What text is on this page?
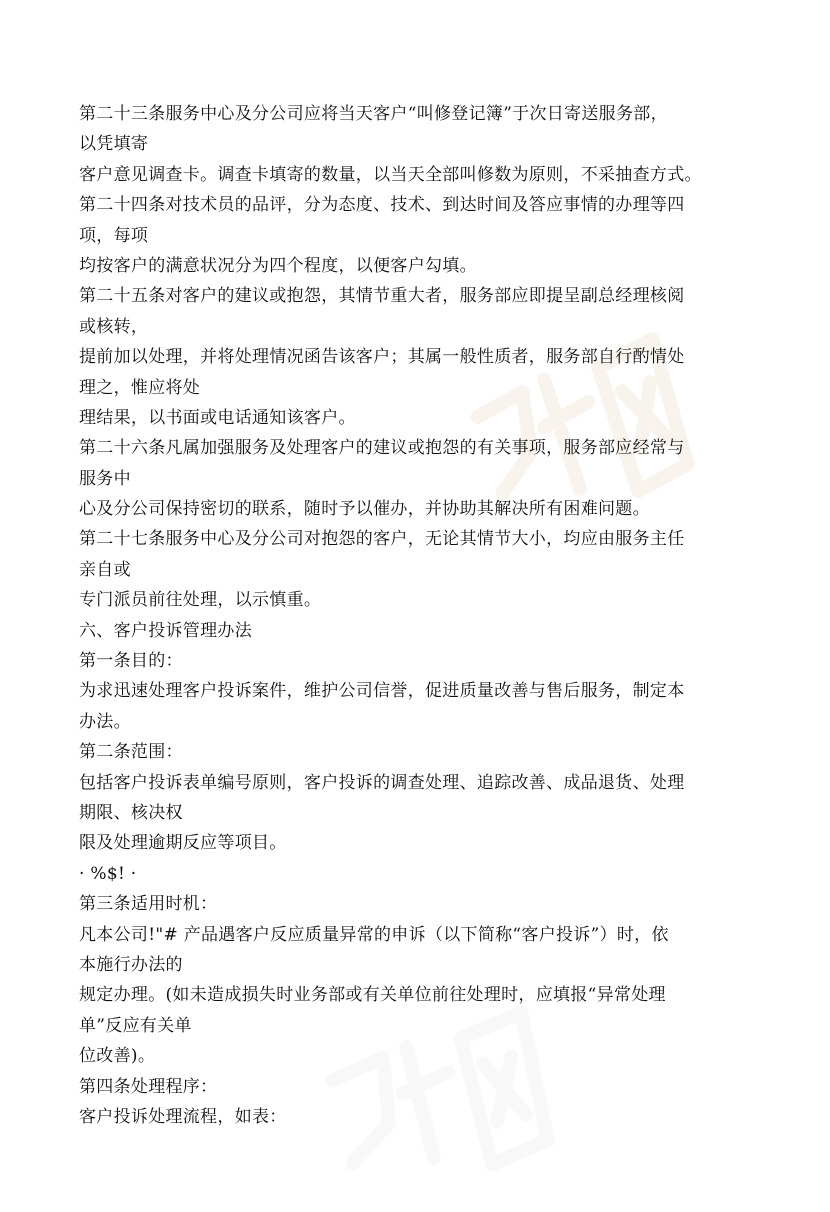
第二十三条服务中心及分公司应将当天客户“叫修登记簿”于次日寄送服务部，
以凭填寄
客户意见调查卡。调查卡填寄的数量，以当天全部叫修数为原则，不采抽查方式。
第二十四条对技术员的品评，分为态度、技术、到达时间及答应事情的办理等四
项，每项
均按客户的满意状况分为四个程度，以便客户勾填。
第二十五条对客户的建议或抱怨，其情节重大者，服务部应即提呈副总经理核阅
或核转，
提前加以处理，并将处理情况函告该客户；其属一般性质者，服务部自行酌情处
理之，惟应将处
理结果，以书面或电话通知该客户。
第二十六条凡属加强服务及处理客户的建议或抱怨的有关事项，服务部应经常与
服务中
心及分公司保持密切的联系，随时予以催办，并协助其解决所有困难问题。
第二十七条服务中心及分公司对抱怨的客户，无论其情节大小，均应由服务主任
亲自或
专门派员前往处理，以示慎重。
六、客户投诉管理办法
第一条目的：
为求迅速处理客户投诉案件，维护公司信誉，促进质量改善与售后服务，制定本
办法。
第二条范围：
包括客户投诉表单编号原则，客户投诉的调查处理、追踪改善、成品退货、处理
期限、核决权
限及处理逾期反应等项目。
· %$! ·
第三条适用时机：
凡本公司!"# 产品遇客户反应质量异常的申诉（以下简称“客户投诉”）时，依
本施行办法的
规定办理。(如未造成损失时业务部或有关单位前往处理时，应填报“异常处理
单”反应有关单
位改善)。
第四条处理程序：
客户投诉处理流程，如表：
